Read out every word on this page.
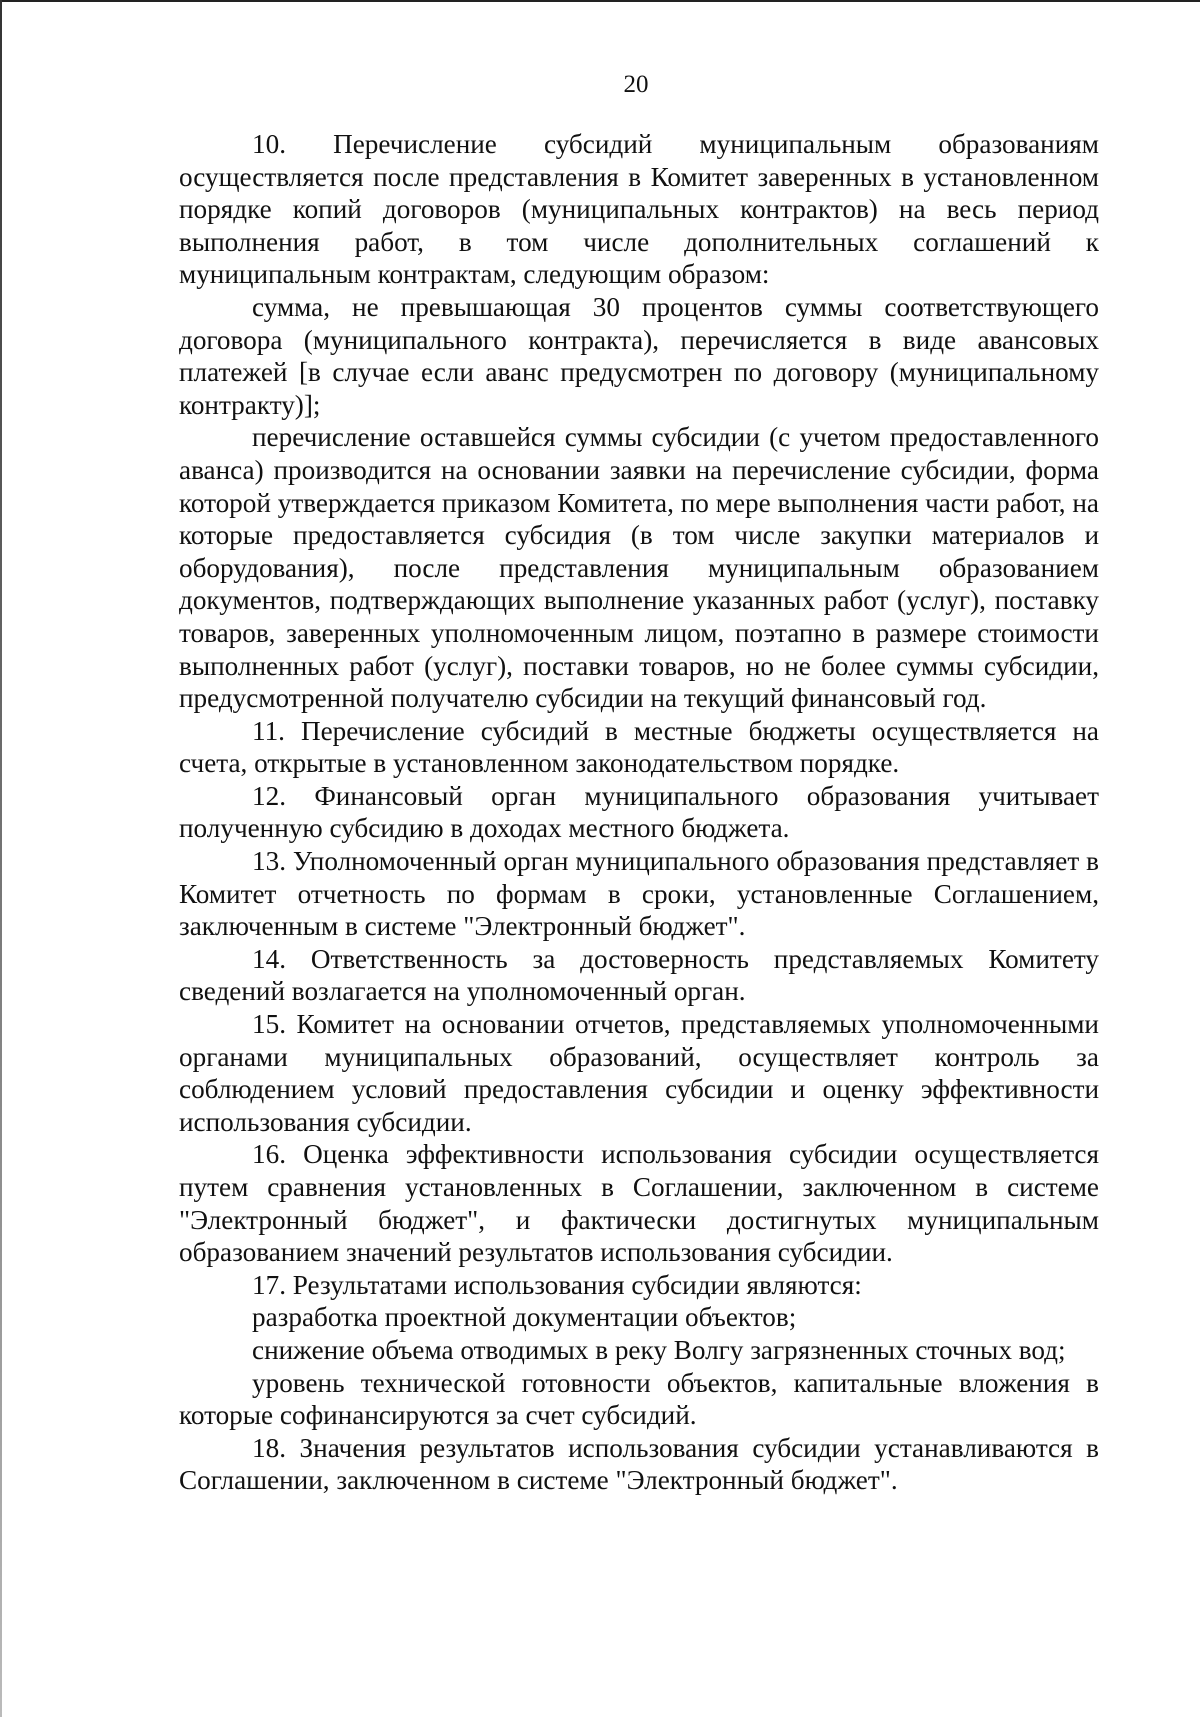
20

10. Перечисление субсидий муниципальным образованиям осуществляется после представления в Комитет заверенных в установленном порядке копий договоров (муниципальных контрактов) на весь период выполнения работ, в том числе дополнительных соглашений к муниципальным контрактам, следующим образом:

сумма, не превышающая 30 процентов суммы соответствующего договора (муниципального контракта), перечисляется в виде авансовых платежей [в случае если аванс предусмотрен по договору (муниципальному контракту)];

перечисление оставшейся суммы субсидии (с учетом предоставленного аванса) производится на основании заявки на перечисление субсидии, форма которой утверждается приказом Комитета, по мере выполнения части работ, на которые предоставляется субсидия (в том числе закупки материалов и оборудования), после представления муниципальным образованием документов, подтверждающих выполнение указанных работ (услуг), поставку товаров, заверенных уполномоченным лицом, поэтапно в размере стоимости выполненных работ (услуг), поставки товаров, но не более суммы субсидии, предусмотренной получателю субсидии на текущий финансовый год.

11. Перечисление субсидий в местные бюджеты осуществляется на счета, открытые в установленном законодательством порядке.

12. Финансовый орган муниципального образования учитывает полученную субсидию в доходах местного бюджета.

13. Уполномоченный орган муниципального образования представляет в Комитет отчетность по формам в сроки, установленные Соглашением, заключенным в системе "Электронный бюджет".

14. Ответственность за достоверность представляемых Комитету сведений возлагается на уполномоченный орган.

15. Комитет на основании отчетов, представляемых уполномоченными органами муниципальных образований, осуществляет контроль за соблюдением условий предоставления субсидии и оценку эффективности использования субсидии.

16. Оценка эффективности использования субсидии осуществляется путем сравнения установленных в Соглашении, заключенном в системе "Электронный бюджет", и фактически достигнутых муниципальным образованием значений результатов использования субсидии.

17. Результатами использования субсидии являются:

разработка проектной документации объектов;

снижение объема отводимых в реку Волгу загрязненных сточных вод;

уровень технической готовности объектов, капитальные вложения в которые софинансируются за счет субсидий.

18. Значения результатов использования субсидии устанавливаются в Соглашении, заключенном в системе "Электронный бюджет".
